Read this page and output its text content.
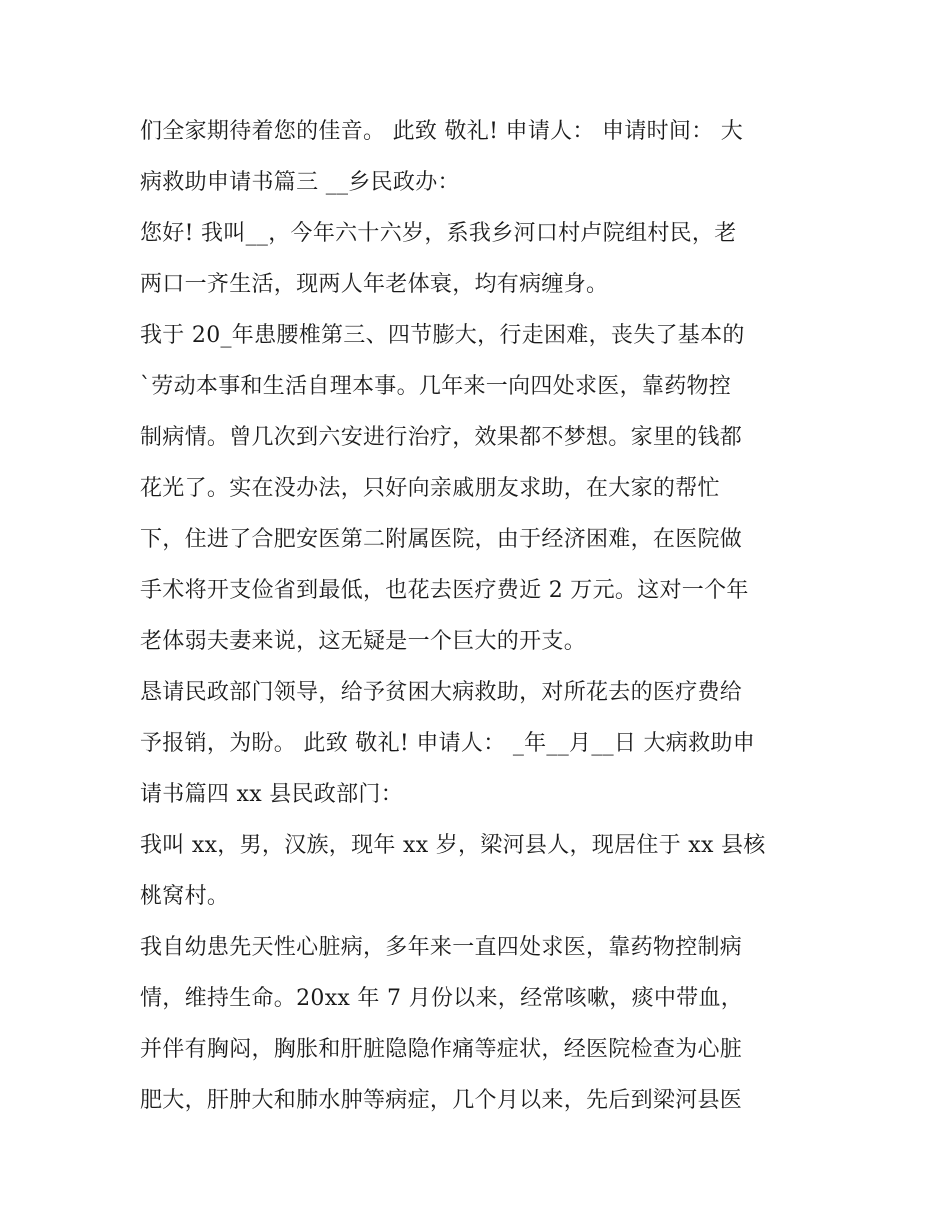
们全家期待着您的佳音。 此致 敬礼! 申请人： 申请时间： 大
病救助申请书篇三 __乡民政办：
您好! 我叫__，今年六十六岁，系我乡河口村卢院组村民，老
两口一齐生活，现两人年老体衰，均有病缠身。
我于 20_年患腰椎第三、四节膨大，行走困难，丧失了基本的
`劳动本事和生活自理本事。几年来一向四处求医，靠药物控
制病情。曾几次到六安进行治疗，效果都不梦想。家里的钱都
花光了。实在没办法，只好向亲戚朋友求助，在大家的帮忙
下，住进了合肥安医第二附属医院，由于经济困难，在医院做
手术将开支俭省到最低，也花去医疗费近 2 万元。这对一个年
老体弱夫妻来说，这无疑是一个巨大的开支。
恳请民政部门领导，给予贫困大病救助，对所花去的医疗费给
予报销，为盼。 此致 敬礼! 申请人： _年__月__日 大病救助申
请书篇四 xx 县民政部门：
我叫 xx，男，汉族，现年 xx 岁，梁河县人，现居住于 xx 县核
桃窝村。
我自幼患先天性心脏病，多年来一直四处求医，靠药物控制病
情，维持生命。20xx 年 7 月份以来，经常咳嗽，痰中带血，
并伴有胸闷，胸胀和肝脏隐隐作痛等症状，经医院检查为心脏
肥大，肝肿大和肺水肿等病症，几个月以来，先后到梁河县医
